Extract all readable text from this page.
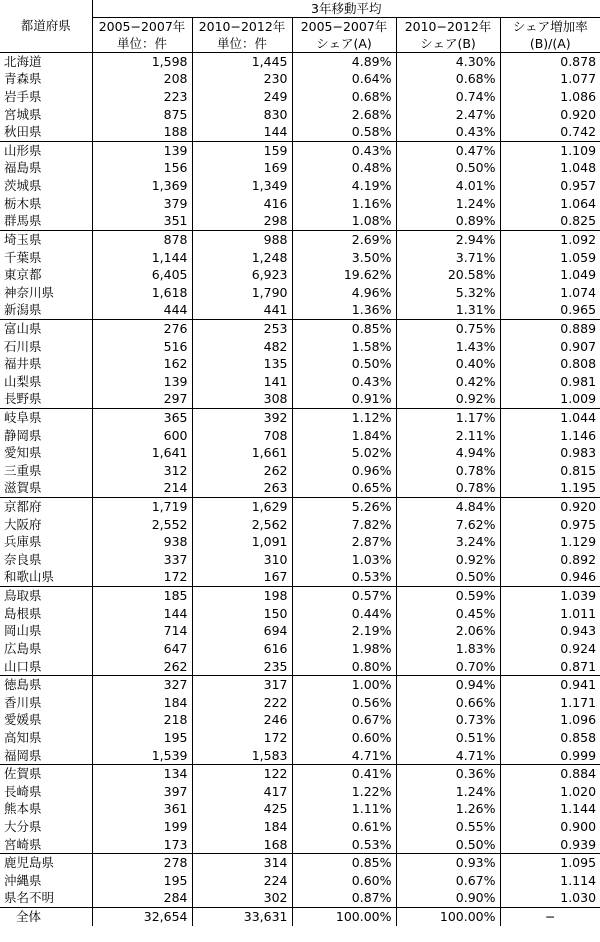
都道府県	3年移動平均				
	2005−2007年	2010−2012年	2005−2007年	2010−2012年	シェア増加率
	単位：件	単位：件	シェア(A)	シェア(B)	(B)/(A)
北海道	1,598	1,445	4.89%	4.30%	0.878
青森県	208	230	0.64%	0.68%	1.077
岩手県	223	249	0.68%	0.74%	1.086
宮城県	875	830	2.68%	2.47%	0.920
秋田県	188	144	0.58%	0.43%	0.742
山形県	139	159	0.43%	0.47%	1.109
福島県	156	169	0.48%	0.50%	1.048
茨城県	1,369	1,349	4.19%	4.01%	0.957
栃木県	379	416	1.16%	1.24%	1.064
群馬県	351	298	1.08%	0.89%	0.825
埼玉県	878	988	2.69%	2.94%	1.092
千葉県	1,144	1,248	3.50%	3.71%	1.059
東京都	6,405	6,923	19.62%	20.58%	1.049
神奈川県	1,618	1,790	4.96%	5.32%	1.074
新潟県	444	441	1.36%	1.31%	0.965
富山県	276	253	0.85%	0.75%	0.889
石川県	516	482	1.58%	1.43%	0.907
福井県	162	135	0.50%	0.40%	0.808
山梨県	139	141	0.43%	0.42%	0.981
長野県	297	308	0.91%	0.92%	1.009
岐阜県	365	392	1.12%	1.17%	1.044
静岡県	600	708	1.84%	2.11%	1.146
愛知県	1,641	1,661	5.02%	4.94%	0.983
三重県	312	262	0.96%	0.78%	0.815
滋賀県	214	263	0.65%	0.78%	1.195
京都府	1,719	1,629	5.26%	4.84%	0.920
大阪府	2,552	2,562	7.82%	7.62%	0.975
兵庫県	938	1,091	2.87%	3.24%	1.129
奈良県	337	310	1.03%	0.92%	0.892
和歌山県	172	167	0.53%	0.50%	0.946
鳥取県	185	198	0.57%	0.59%	1.039
島根県	144	150	0.44%	0.45%	1.011
岡山県	714	694	2.19%	2.06%	0.943
広島県	647	616	1.98%	1.83%	0.924
山口県	262	235	0.80%	0.70%	0.871
徳島県	327	317	1.00%	0.94%	0.941
香川県	184	222	0.56%	0.66%	1.171
愛媛県	218	246	0.67%	0.73%	1.096
高知県	195	172	0.60%	0.51%	0.858
福岡県	1,539	1,583	4.71%	4.71%	0.999
佐賀県	134	122	0.41%	0.36%	0.884
長崎県	397	417	1.22%	1.24%	1.020
熊本県	361	425	1.11%	1.26%	1.144
大分県	199	184	0.61%	0.55%	0.900
宮崎県	173	168	0.53%	0.50%	0.939
鹿児島県	278	314	0.85%	0.93%	1.095
沖縄県	195	224	0.60%	0.67%	1.114
県名不明	284	302	0.87%	0.90%	1.030
全体	32,654	33,631	100.00%	100.00%	−
